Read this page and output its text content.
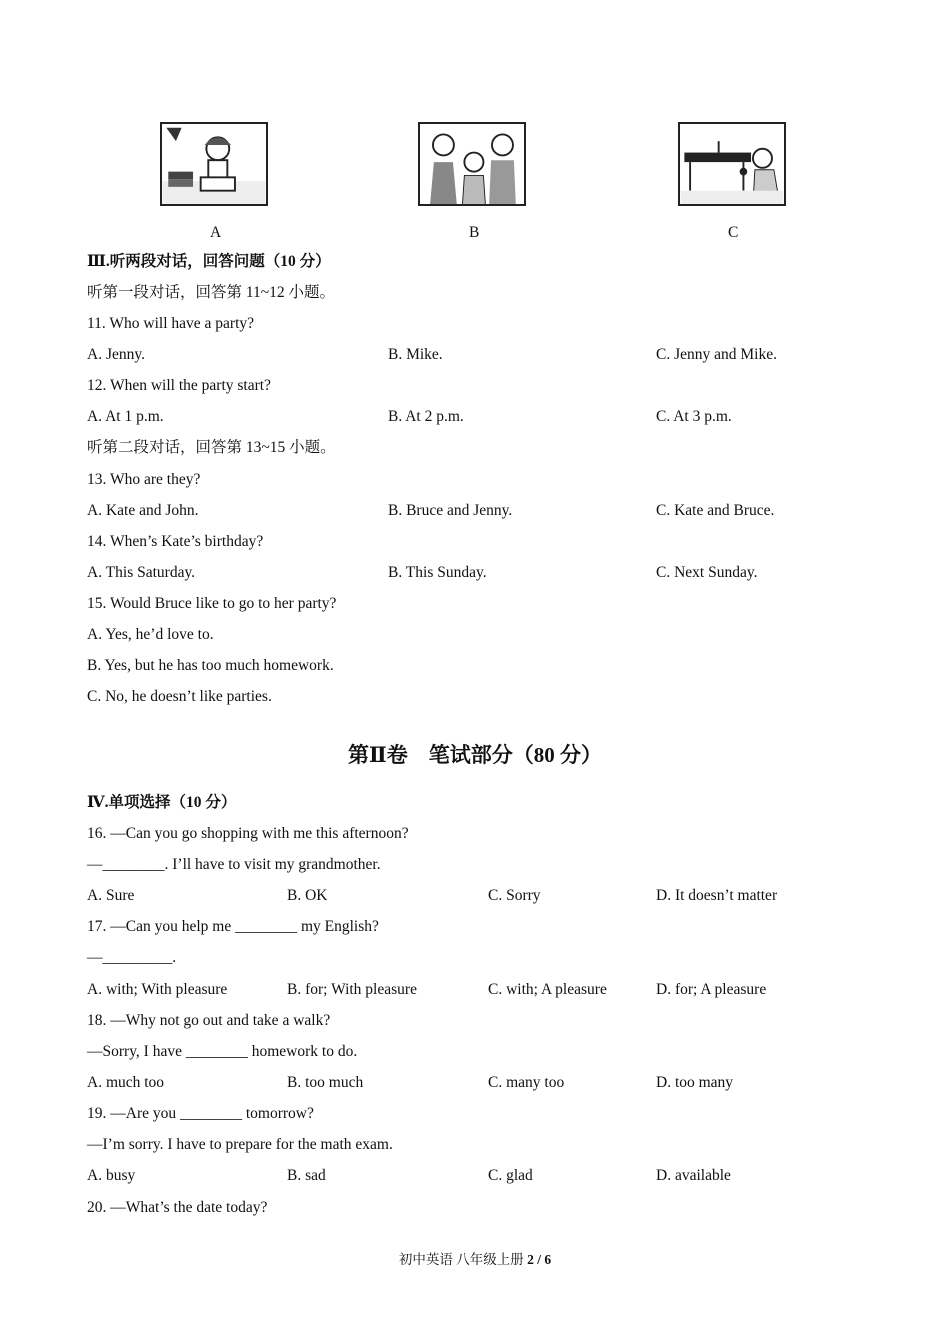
A	B	C
Ⅲ.听两段对话，回答问题（10 分）
听第一段对话，回答第 11~12 小题。
11. Who will have a party?
A. Jenny.	B. Mike.	C. Jenny and Mike.
12. When will the party start?
A. At 1 p.m.	B. At 2 p.m.	C. At 3 p.m.
听第二段对话，回答第 13~15 小题。
13. Who are they?
A. Kate and John.	B. Bruce and Jenny.	C. Kate and Bruce.
14. When’s Kate’s birthday?
A. This Saturday.	B. This Sunday.	C. Next Sunday.
15. Would Bruce like to go to her party?
A. Yes, he’d love to.
B. Yes, but he has too much homework.
C. No, he doesn’t like parties.
第Ⅱ卷　笔试部分（80 分）
Ⅳ.单项选择（10 分）
16. —Can you go shopping with me this afternoon?
—________. I’ll have to visit my grandmother.
A. Sure	B. OK	C. Sorry	D. It doesn’t matter
17. —Can you help me ________ my English?
—_________.
A. with; With pleasure	B. for; With pleasure	C. with; A pleasure	D. for; A pleasure
18. —Why not go out and take a walk?
—Sorry, I have ________ homework to do.
A. much too	B. too much	C. many too	D. too many
19. —Are you ________ tomorrow?
—I’m sorry. I have to prepare for the math exam.
A. busy	B. sad	C. glad	D. available
20. —What’s the date today?
初中英语 八年级上册 2 / 6
